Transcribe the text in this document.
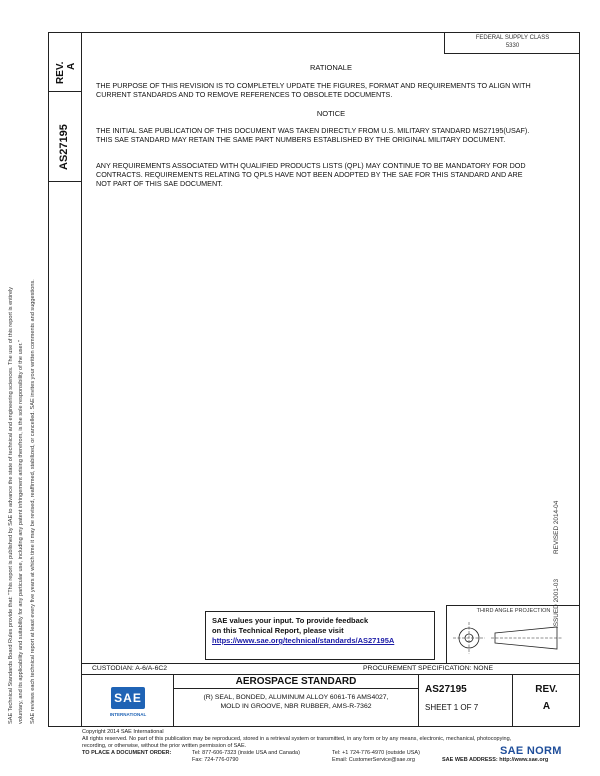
SAE Technical Standards Board Rules provide that: "This report is published by SAE to advance the state of technical and engineering sciences. The use of this report is entirely voluntary, and its applicability and suitability for any particular use, including any patent infringement arising therefrom, is the sole responsibility of the user." SAE reviews each technical report at least every five years at which time it may be revised, reaffirmed, stabilized, or cancelled. SAE invites your written comments and suggestions.
REV. A
AS27195
FEDERAL SUPPLY CLASS
5330
RATIONALE
THE PURPOSE OF THIS REVISION IS TO COMPLETELY UPDATE THE FIGURES, FORMAT AND REQUIREMENTS TO ALIGN WITH CURRENT STANDARDS AND TO REMOVE REFERENCES TO OBSOLETE DOCUMENTS.
NOTICE
THE INITIAL SAE PUBLICATION OF THIS DOCUMENT WAS TAKEN DIRECTLY FROM U.S. MILITARY STANDARD MS27195(USAF). THIS SAE STANDARD MAY RETAIN THE SAME PART NUMBERS ESTABLISHED BY THE ORIGINAL MILITARY DOCUMENT.
ANY REQUIREMENTS ASSOCIATED WITH QUALIFIED PRODUCTS LISTS (QPL) MAY CONTINUE TO BE MANDATORY FOR DOD CONTRACTS. REQUIREMENTS RELATING TO QPLS HAVE NOT BEEN ADOPTED BY THE SAE FOR THIS STANDARD AND ARE NOT PART OF THIS SAE DOCUMENT.
ISSUED 2001-03
REVISED 2014-04
SAE values your input. To provide feedback
on this Technical Report, please visit
https://www.sae.org/technical/standards/AS27195A
THIRD ANGLE PROJECTION
CUSTODIAN: A-6/A-6C2	PROCUREMENT SPECIFICATION: NONE
SAE
INTERNATIONAL
AEROSPACE STANDARD
(R) SEAL, BONDED, ALUMINUM ALLOY 6061-T6 AMS4027,
MOLD IN GROOVE, NBR RUBBER, AMS-R-7362
AS27195
SHEET 1 OF 7
REV.
A
Copyright 2014 SAE International
All rights reserved. No part of this publication may be reproduced, stored in a retrieval system or transmitted, in any form or by any means, electronic, mechanical, photocopying,
recording, or otherwise, without the prior written permission of SAE.
TO PLACE A DOCUMENT ORDER:	Tel: 877-606-7323 (inside USA and Canada)
Fax: 724-776-0790
Tel: +1 724-776-4970 (outside USA)
Email: CustomerService@sae.org	SAE WEB ADDRESS: http://www.sae.org
SAE NORM
